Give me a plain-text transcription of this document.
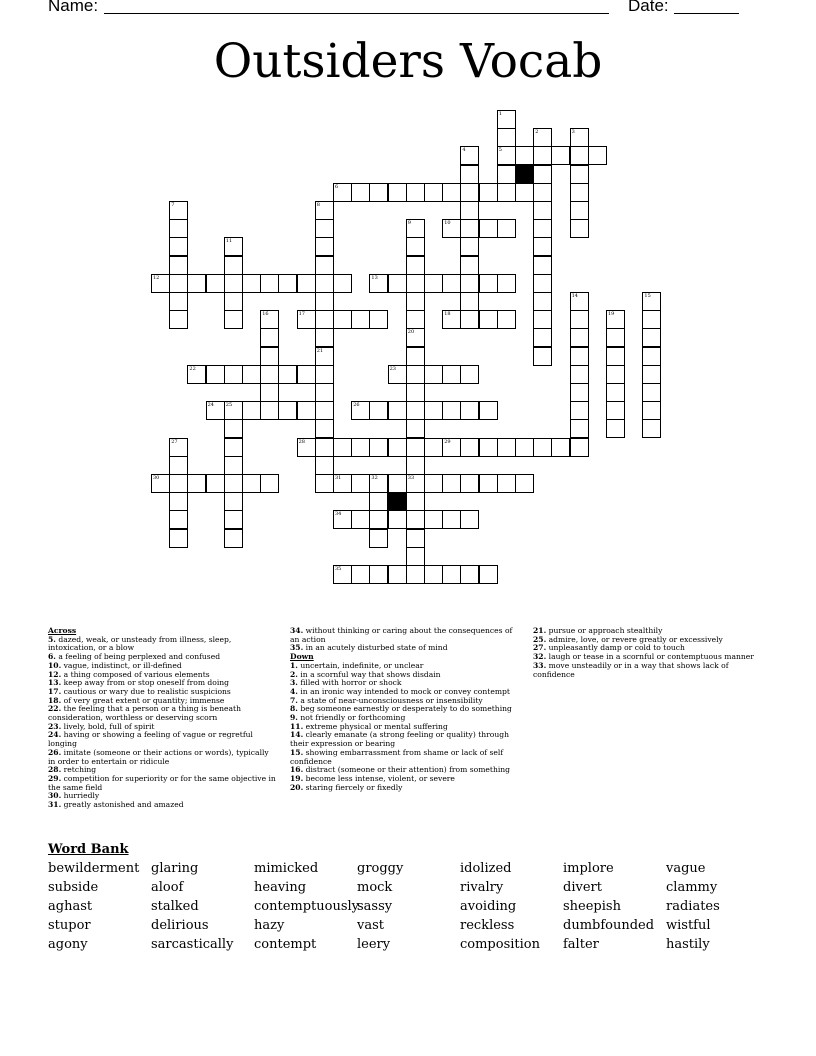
Name:	Date:
Outsiders Vocab
1
2	3
4	5
6
7	8
9	10
11
12	13
14	15
16	17	18	19
20
21
22	23
24 25	26
27	28	29
30	31	32	33
34
35
Across
5. dazed, weak, or unsteady from illness, sleep, intoxication, or a blow
6. a feeling of being perplexed and confused
10. vague, indistinct, or ill-defined
12. a thing composed of various elements
13. keep away from or stop oneself from doing
17. cautious or wary due to realistic suspicions
18. of very great extent or quantity; immense
22. the feeling that a person or a thing is beneath consideration, worthless or deserving scorn
23. lively, bold, full of spirit
24. having or showing a feeling of vague or regretful longing
26. imitate (someone or their actions or words), typically in order to entertain or ridicule
28. retching
29. competition for superiority or for the same objective in the same field
30. hurriedly
31. greatly astonished and amazed
34. without thinking or caring about the consequences of an action
35. in an acutely disturbed state of mind
Down
1. uncertain, indefinite, or unclear
2. in a scornful way that shows disdain
3. filled with horror or shock
4. in an ironic way intended to mock or convey contempt
7. a state of near-unconsciousness or insensibility
8. beg someone earnestly or desperately to do something
9. not friendly or forthcoming
11. extreme physical or mental suffering
14. clearly emanate (a strong feeling or quality) through their expression or bearing
15. showing embarrassment from shame or lack of self confidence
16. distract (someone or their attention) from something
19. become less intense, violent, or severe
20. staring fiercely or fixedly
21. pursue or approach stealthily
25. admire, love, or revere greatly or excessively
27. unpleasantly damp or cold to touch
32. laugh or tease in a scornful or contemptuous manner
33. move unsteadily or in a way that shows lack of confidence
Word Bank
bewilderment
subside
aghast
stupor
agony
glaring
aloof
stalked
delirious
sarcastically
mimicked
heaving
contemptuously
hazy
contempt
groggy
mock
sassy
vast
leery
idolized
rivalry
avoiding
reckless
composition
implore
divert
sheepish
dumbfounded
falter
vague
clammy
radiates
wistful
hastily
